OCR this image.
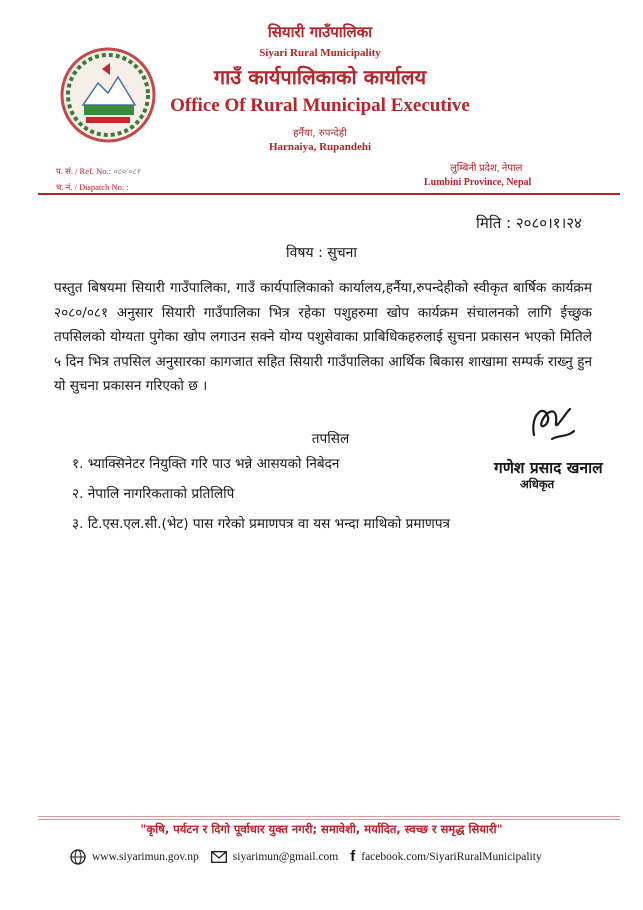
सियारी गाउँपालिका
Siyari Rural Municipality
गाउँ कार्यपालिकाको कार्यालय
Office Of Rural Municipal Executive
हर्नैया, रुपन्देही
Harnaiya, Rupandehi
प. सं. / Ref. No.: ०८०/०८१
च. नं. / Dispatch No. :
लुम्बिनी प्रदेश, नेपाल
Lumbini Province, Nepal
मिति : २०८०।१।२४
विषय : सुचना
पस्तुत बिषयमा सियारी गाउँपालिका, गाउँ कार्यपालिकाको कार्यालय,हर्नैया,रुपन्देहीको स्वीकृत बार्षिक कार्यक्रम २०८०/०८१ अनुसार सियारी गाउँपालिका भित्र रहेका पशुहरुमा खोप कार्यक्रम संचालनको लागि ईच्छुक तपसिलको योग्यता पुगेका खोप लगाउन सक्ने योग्य पशुसेवाका प्राबिधिकहरुलाई सुचना प्रकासन भएको मितिले ५ दिन भित्र तपसिल अनुसारका कागजात सहित सियारी गाउँपालिका आर्थिक बिकास शाखामा सम्पर्क राख्नु हुन यो सुचना प्रकासन गरिएको छ ।
तपसिल
१. भ्याक्सिनेटर नियुक्ति गरि पाउ भन्ने आसयको निबेदन
२. नेपालि नागरिकताको प्रतिलिपि
३. टि.एस.एल.सी.(भेट) पास गरेको प्रमाणपत्र वा यस भन्दा माथिको प्रमाणपत्र
गणेश प्रसाद खनाल
अधिकृत
"कृषि, पर्यटन र दिगो पूर्वाधार युक्त नगरी; समावेशी, मर्यादित, स्वच्छ र समृद्ध सियारी"
www.siyarimun.gov.np	siyarimun@gmail.com f facebook.com/SiyariRuralMunicipality
